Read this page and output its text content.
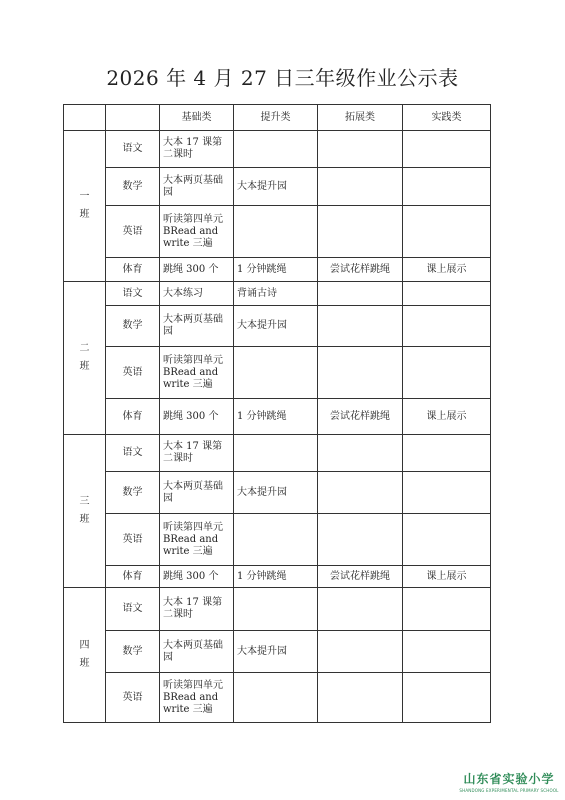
2026 年 4 月 27 日三年级作业公示表
		基础类	提升类	拓展类	实践类

一
班	语文	大本 17 课第二课时			
	数学	大本两页基础园	大本提升园		
	英语	听读第四单元 BRead and write 三遍			
	体育	跳绳 300 个	1 分钟跳绳	尝试花样跳绳	课上展示

二
班	语文	大本练习	背诵古诗		
	数学	大本两页基础园	大本提升园		
	英语	听读第四单元 BRead and write 三遍			
	体育	跳绳 300 个	1 分钟跳绳	尝试花样跳绳	课上展示

三
班	语文	大本 17 课第二课时			
	数学	大本两页基础园	大本提升园		
	英语	听读第四单元 BRead and write 三遍			
	体育	跳绳 300 个	1 分钟跳绳	尝试花样跳绳	课上展示

四
班	语文	大本 17 课第二课时			
	数学	大本两页基础园	大本提升园		
	英语	听读第四单元 BRead and write 三遍			
山东省实验小学
SHANDONG EXPERIMENTAL PRIMARY SCHOOL
